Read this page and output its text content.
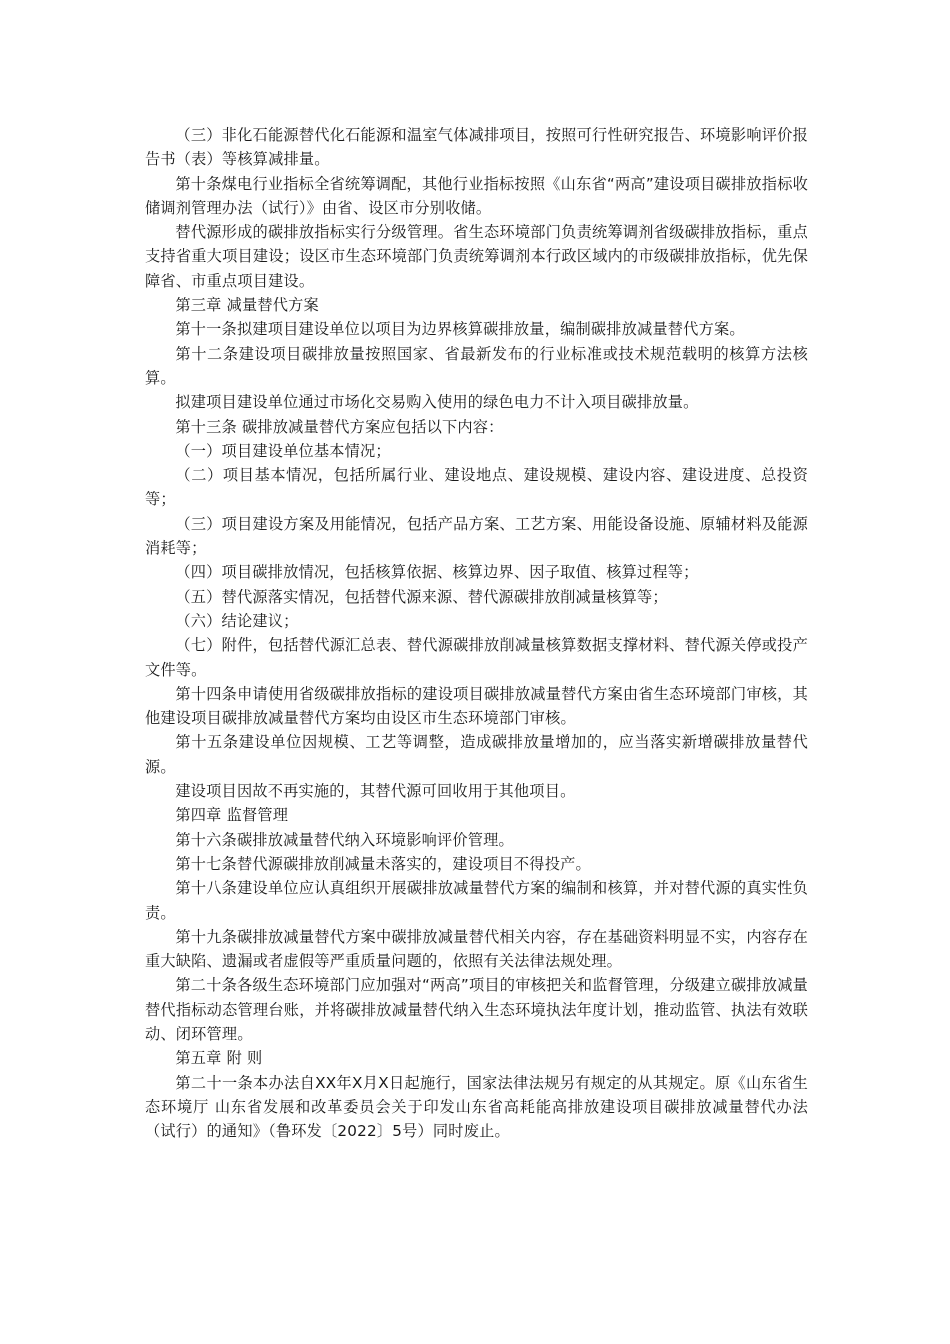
（三）非化石能源替代化石能源和温室气体减排项目，按照可行性研究报告、环境影响评价报告书（表）等核算减排量。

第十条煤电行业指标全省统筹调配，其他行业指标按照《山东省“两高”建设项目碳排放指标收储调剂管理办法（试行）》由省、设区市分别收储。

替代源形成的碳排放指标实行分级管理。省生态环境部门负责统筹调剂省级碳排放指标，重点支持省重大项目建设；设区市生态环境部门负责统筹调剂本行政区域内的市级碳排放指标，优先保障省、市重点项目建设。

第三章 减量替代方案

第十一条拟建项目建设单位以项目为边界核算碳排放量，编制碳排放减量替代方案。

第十二条建设项目碳排放量按照国家、省最新发布的行业标准或技术规范载明的核算方法核算。

拟建项目建设单位通过市场化交易购入使用的绿色电力不计入项目碳排放量。

第十三条 碳排放减量替代方案应包括以下内容：

（一）项目建设单位基本情况；

（二）项目基本情况，包括所属行业、建设地点、建设规模、建设内容、建设进度、总投资等；

（三）项目建设方案及用能情况，包括产品方案、工艺方案、用能设备设施、原辅材料及能源消耗等；

（四）项目碳排放情况，包括核算依据、核算边界、因子取值、核算过程等；

（五）替代源落实情况，包括替代源来源、替代源碳排放削减量核算等；

（六）结论建议；

（七）附件，包括替代源汇总表、替代源碳排放削减量核算数据支撑材料、替代源关停或投产文件等。

第十四条申请使用省级碳排放指标的建设项目碳排放减量替代方案由省生态环境部门审核，其他建设项目碳排放减量替代方案均由设区市生态环境部门审核。

第十五条建设单位因规模、工艺等调整，造成碳排放量增加的，应当落实新增碳排放量替代源。

建设项目因故不再实施的，其替代源可回收用于其他项目。

第四章 监督管理

第十六条碳排放减量替代纳入环境影响评价管理。

第十七条替代源碳排放削减量未落实的，建设项目不得投产。

第十八条建设单位应认真组织开展碳排放减量替代方案的编制和核算，并对替代源的真实性负责。

第十九条碳排放减量替代方案中碳排放减量替代相关内容，存在基础资料明显不实，内容存在重大缺陷、遗漏或者虚假等严重质量问题的，依照有关法律法规处理。

第二十条各级生态环境部门应加强对“两高”项目的审核把关和监督管理，分级建立碳排放减量替代指标动态管理台账，并将碳排放减量替代纳入生态环境执法年度计划，推动监管、执法有效联动、闭环管理。

第五章 附 则

第二十一条本办法自XX年X月X日起施行，国家法律法规另有规定的从其规定。原《山东省生态环境厅 山东省发展和改革委员会关于印发山东省高耗能高排放建设项目碳排放减量替代办法（试行）的通知》（鲁环发〔2022〕5号）同时废止。
